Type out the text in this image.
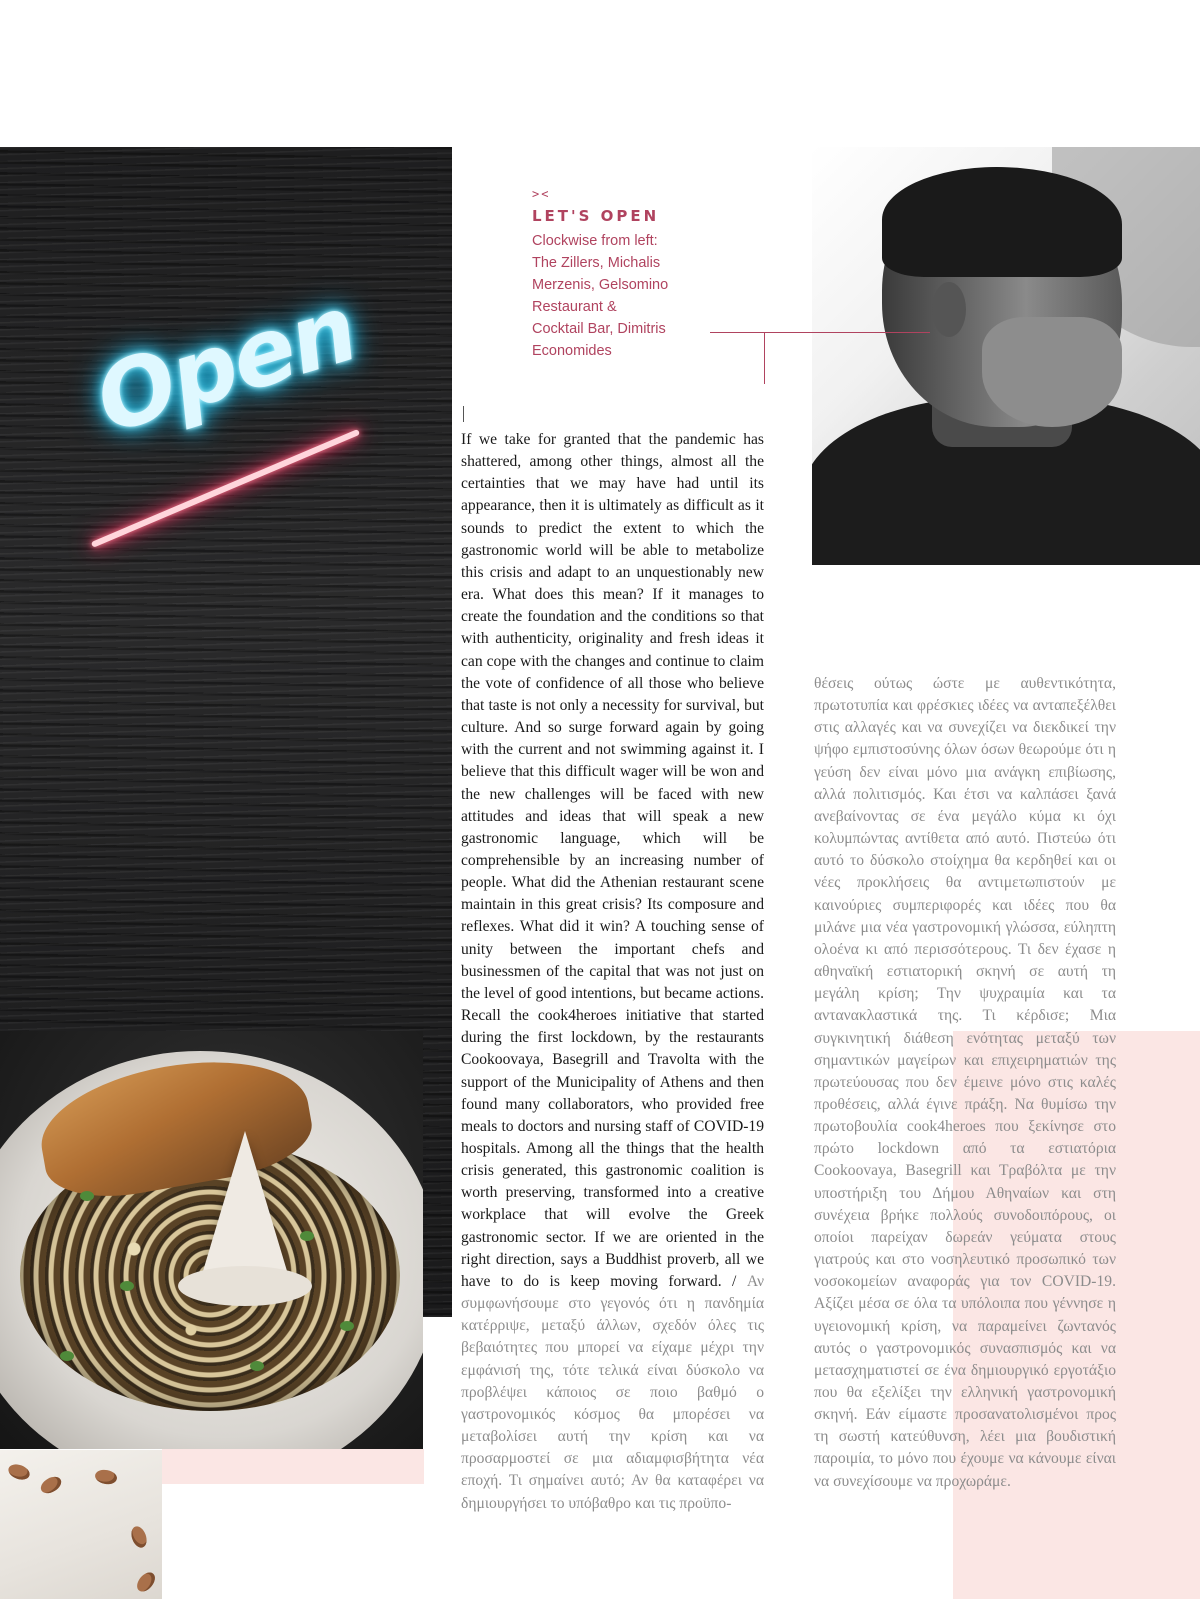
Open
><
LET'S OPEN
Clockwise from left:
The Zillers, Michalis
Merzenis, Gelsomino
Restaurant &
Cocktail Bar, Dimitris
Economides
If we take for granted that the pandemic has shattered, among other things, almost all the certainties that we may have had until its appearance, then it is ultimately as difficult as it sounds to predict the extent to which the gastronomic world will be able to metabolize this crisis and adapt to an unquestionably new era. What does this mean? If it manages to create the foundation and the conditions so that with authenticity, originality and fresh ideas it can cope with the changes and continue to claim the vote of confidence of all those who believe that taste is not only a necessity for survival, but culture. And so surge forward again by going with the current and not swimming against it. I believe that this difficult wager will be won and the new challenges will be faced with new attitudes and ideas that will speak a new gastronomic language, which will be comprehensible by an increasing number of people. What did the Athenian restaurant scene maintain in this great crisis? Its composure and reflexes. What did it win? A touching sense of unity between the important chefs and businessmen of the capital that was not just on the level of good intentions, but became actions. Recall the cook4heroes initiative that started during the first lockdown, by the restaurants Cookoovaya, Basegrill and Travolta with the support of the Municipality of Athens and then found many collaborators, who provided free meals to doctors and nursing staff of COVID-19 hospitals. Among all the things that the health crisis generated, this gastronomic coalition is worth preserving, transformed into a creative workplace that will evolve the Greek gastronomic sector. If we are oriented in the right direction, says a Buddhist proverb, all we have to do is keep moving forward. / Αν συμφωνήσουμε στο γεγονός ότι η πανδημία κατέρριψε, μεταξύ άλλων, σχεδόν όλες τις βεβαιότητες που μπορεί να είχαμε μέχρι την εμφάνισή της, τότε τελικά είναι δύσκολο να προβλέψει κάποιος σε ποιο βαθμό ο γαστρονομικός κόσμος θα μπορέσει να μεταβολίσει αυτή την κρίση και να προσαρμοστεί σε μια αδιαμφισβήτητα νέα εποχή. Τι σημαίνει αυτό; Αν θα καταφέρει να δημιουργήσει το υπόβαθρο και τις προϋπο-
θέσεις ούτως ώστε με αυθεντικότητα, πρωτοτυπία και φρέσκιες ιδέες να ανταπεξέλθει στις αλλαγές και να συνεχίζει να διεκδικεί την ψήφο εμπιστοσύνης όλων όσων θεωρούμε ότι η γεύση δεν είναι μόνο μια ανάγκη επιβίωσης, αλλά πολιτισμός. Και έτσι να καλπάσει ξανά ανεβαίνοντας σε ένα μεγάλο κύμα κι όχι κολυμπώντας αντίθετα από αυτό. Πιστεύω ότι αυτό το δύσκολο στοίχημα θα κερδηθεί και οι νέες προκλήσεις θα αντιμετωπιστούν με καινούριες συμπεριφορές και ιδέες που θα μιλάνε μια νέα γαστρονομική γλώσσα, εύληπτη ολοένα κι από περισσότερους. Τι δεν έχασε η αθηναϊκή εστιατορική σκηνή σε αυτή τη μεγάλη κρίση; Την ψυχραιμία και τα αντανακλαστικά της. Τι κέρδισε; Μια συγκινητική διάθεση ενότητας μεταξύ των σημαντικών μαγείρων και επιχειρηματιών της πρωτεύουσας που δεν έμεινε μόνο στις καλές προθέσεις, αλλά έγινε πράξη. Να θυμίσω την πρωτοβουλία cook4heroes που ξεκίνησε στο πρώτο lockdown από τα εστιατόρια Cookoovaya, Basegrill και Τραβόλτα με την υποστήριξη του Δήμου Αθηναίων και στη συνέχεια βρήκε πολλούς συνοδοιπόρους, οι οποίοι παρείχαν δωρεάν γεύματα στους γιατρούς και στο νοσηλευτικό προσωπικό των νοσοκομείων αναφοράς για τον COVID-19. Αξίζει μέσα σε όλα τα υπόλοιπα που γέννησε η υγειονομική κρίση, να παραμείνει ζωντανός αυτός ο γαστρονομικός συνασπισμός και να μετασχηματιστεί σε ένα δημιουργικό εργοτάξιο που θα εξελίξει την ελληνική γαστρονομική σκηνή. Εάν είμαστε προσανατολισμένοι προς τη σωστή κατεύθυνση, λέει μια βουδιστική παροιμία, το μόνο που έχουμε να κάνουμε είναι να συνεχίσουμε να προχωράμε.
